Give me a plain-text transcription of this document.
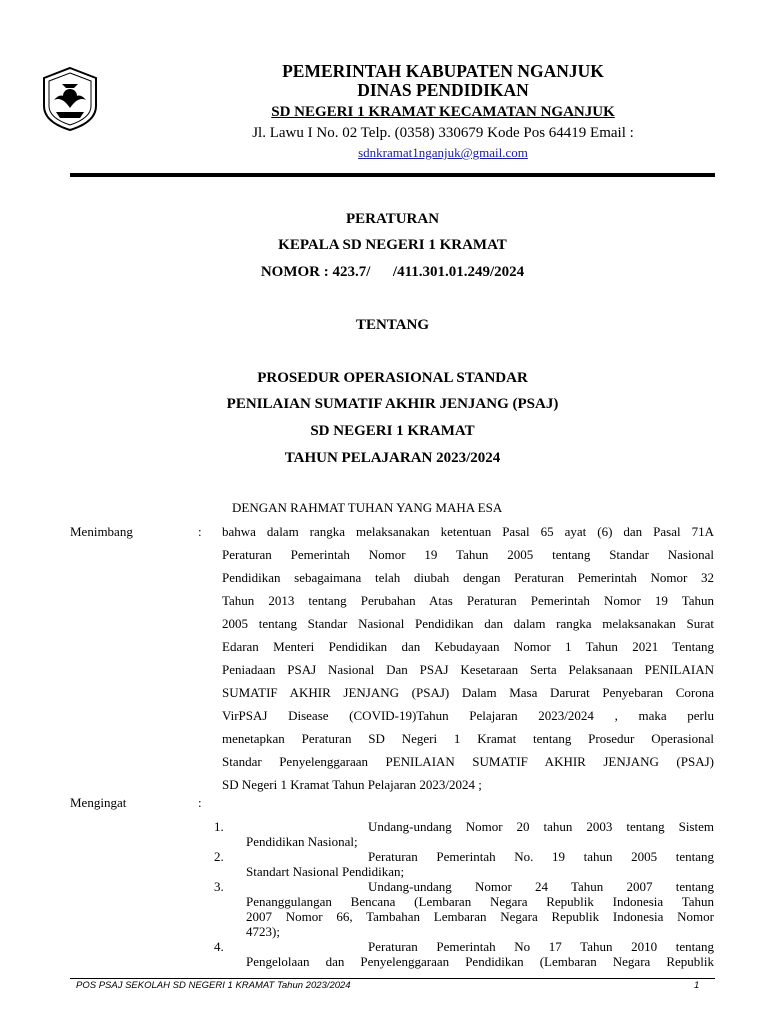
PEMERINTAH KABUPATEN NGANJUK
DINAS PENDIDIKAN
SD NEGERI 1 KRAMAT KECAMATAN NGANJUK
Jl. Lawu I No. 02 Telp. (0358) 330679 Kode Pos 64419 Email :
sdnkramat1nganjuk@gmail.com
PERATURAN
KEPALA SD NEGERI 1 KRAMAT
NOMOR : 423.7/      /411.301.01.249/2024
TENTANG
PROSEDUR OPERASIONAL STANDAR
PENILAIAN SUMATIF AKHIR JENJANG (PSAJ)
SD NEGERI 1 KRAMAT
TAHUN PELAJARAN 2023/2024
DENGAN RAHMAT TUHAN YANG MAHA ESA
Menimbang	: bahwa dalam rangka melaksanakan ketentuan Pasal 65 ayat (6) dan Pasal 71A
Peraturan Pemerintah Nomor 19 Tahun 2005 tentang Standar Nasional
Pendidikan sebagaimana telah diubah dengan Peraturan Pemerintah Nomor 32
Tahun 2013 tentang Perubahan Atas Peraturan Pemerintah Nomor 19 Tahun
2005 tentang Standar Nasional Pendidikan dan dalam rangka melaksanakan Surat
Edaran Menteri Pendidikan dan Kebudayaan Nomor 1 Tahun 2021 Tentang
Peniadaan PSAJ Nasional Dan PSAJ Kesetaraan Serta Pelaksanaan PENILAIAN
SUMATIF AKHIR JENJANG (PSAJ) Dalam Masa Darurat Penyebaran Corona
VirPSAJ Disease (COVID-19)Tahun Pelajaran 2023/2024 , maka perlu
menetapkan Peraturan SD Negeri 1 Kramat tentang Prosedur Operasional
Standar Penyelenggaraan PENILAIAN SUMATIF AKHIR JENJANG (PSAJ)
SD Negeri 1 Kramat Tahun Pelajaran 2023/2024 ;
Mengingat	:
1.	Undang-undang Nomor 20 tahun 2003 tentang Sistem
Pendidikan Nasional;
2.	Peraturan Pemerintah No. 19 tahun 2005 tentang
Standart Nasional Pendidikan;
3.	Undang-undang Nomor 24 Tahun 2007 tentang
Penanggulangan Bencana (Lembaran Negara Republik Indonesia Tahun
2007 Nomor 66, Tambahan Lembaran Negara Republik Indonesia Nomor
4723);
4.	Peraturan Pemerintah No 17 Tahun 2010 tentang
Pengelolaan dan Penyelenggaraan Pendidikan (Lembaran Negara Republik
POS PSAJ SEKOLAH SD NEGERI 1 KRAMAT Tahun 2023/2024	1
